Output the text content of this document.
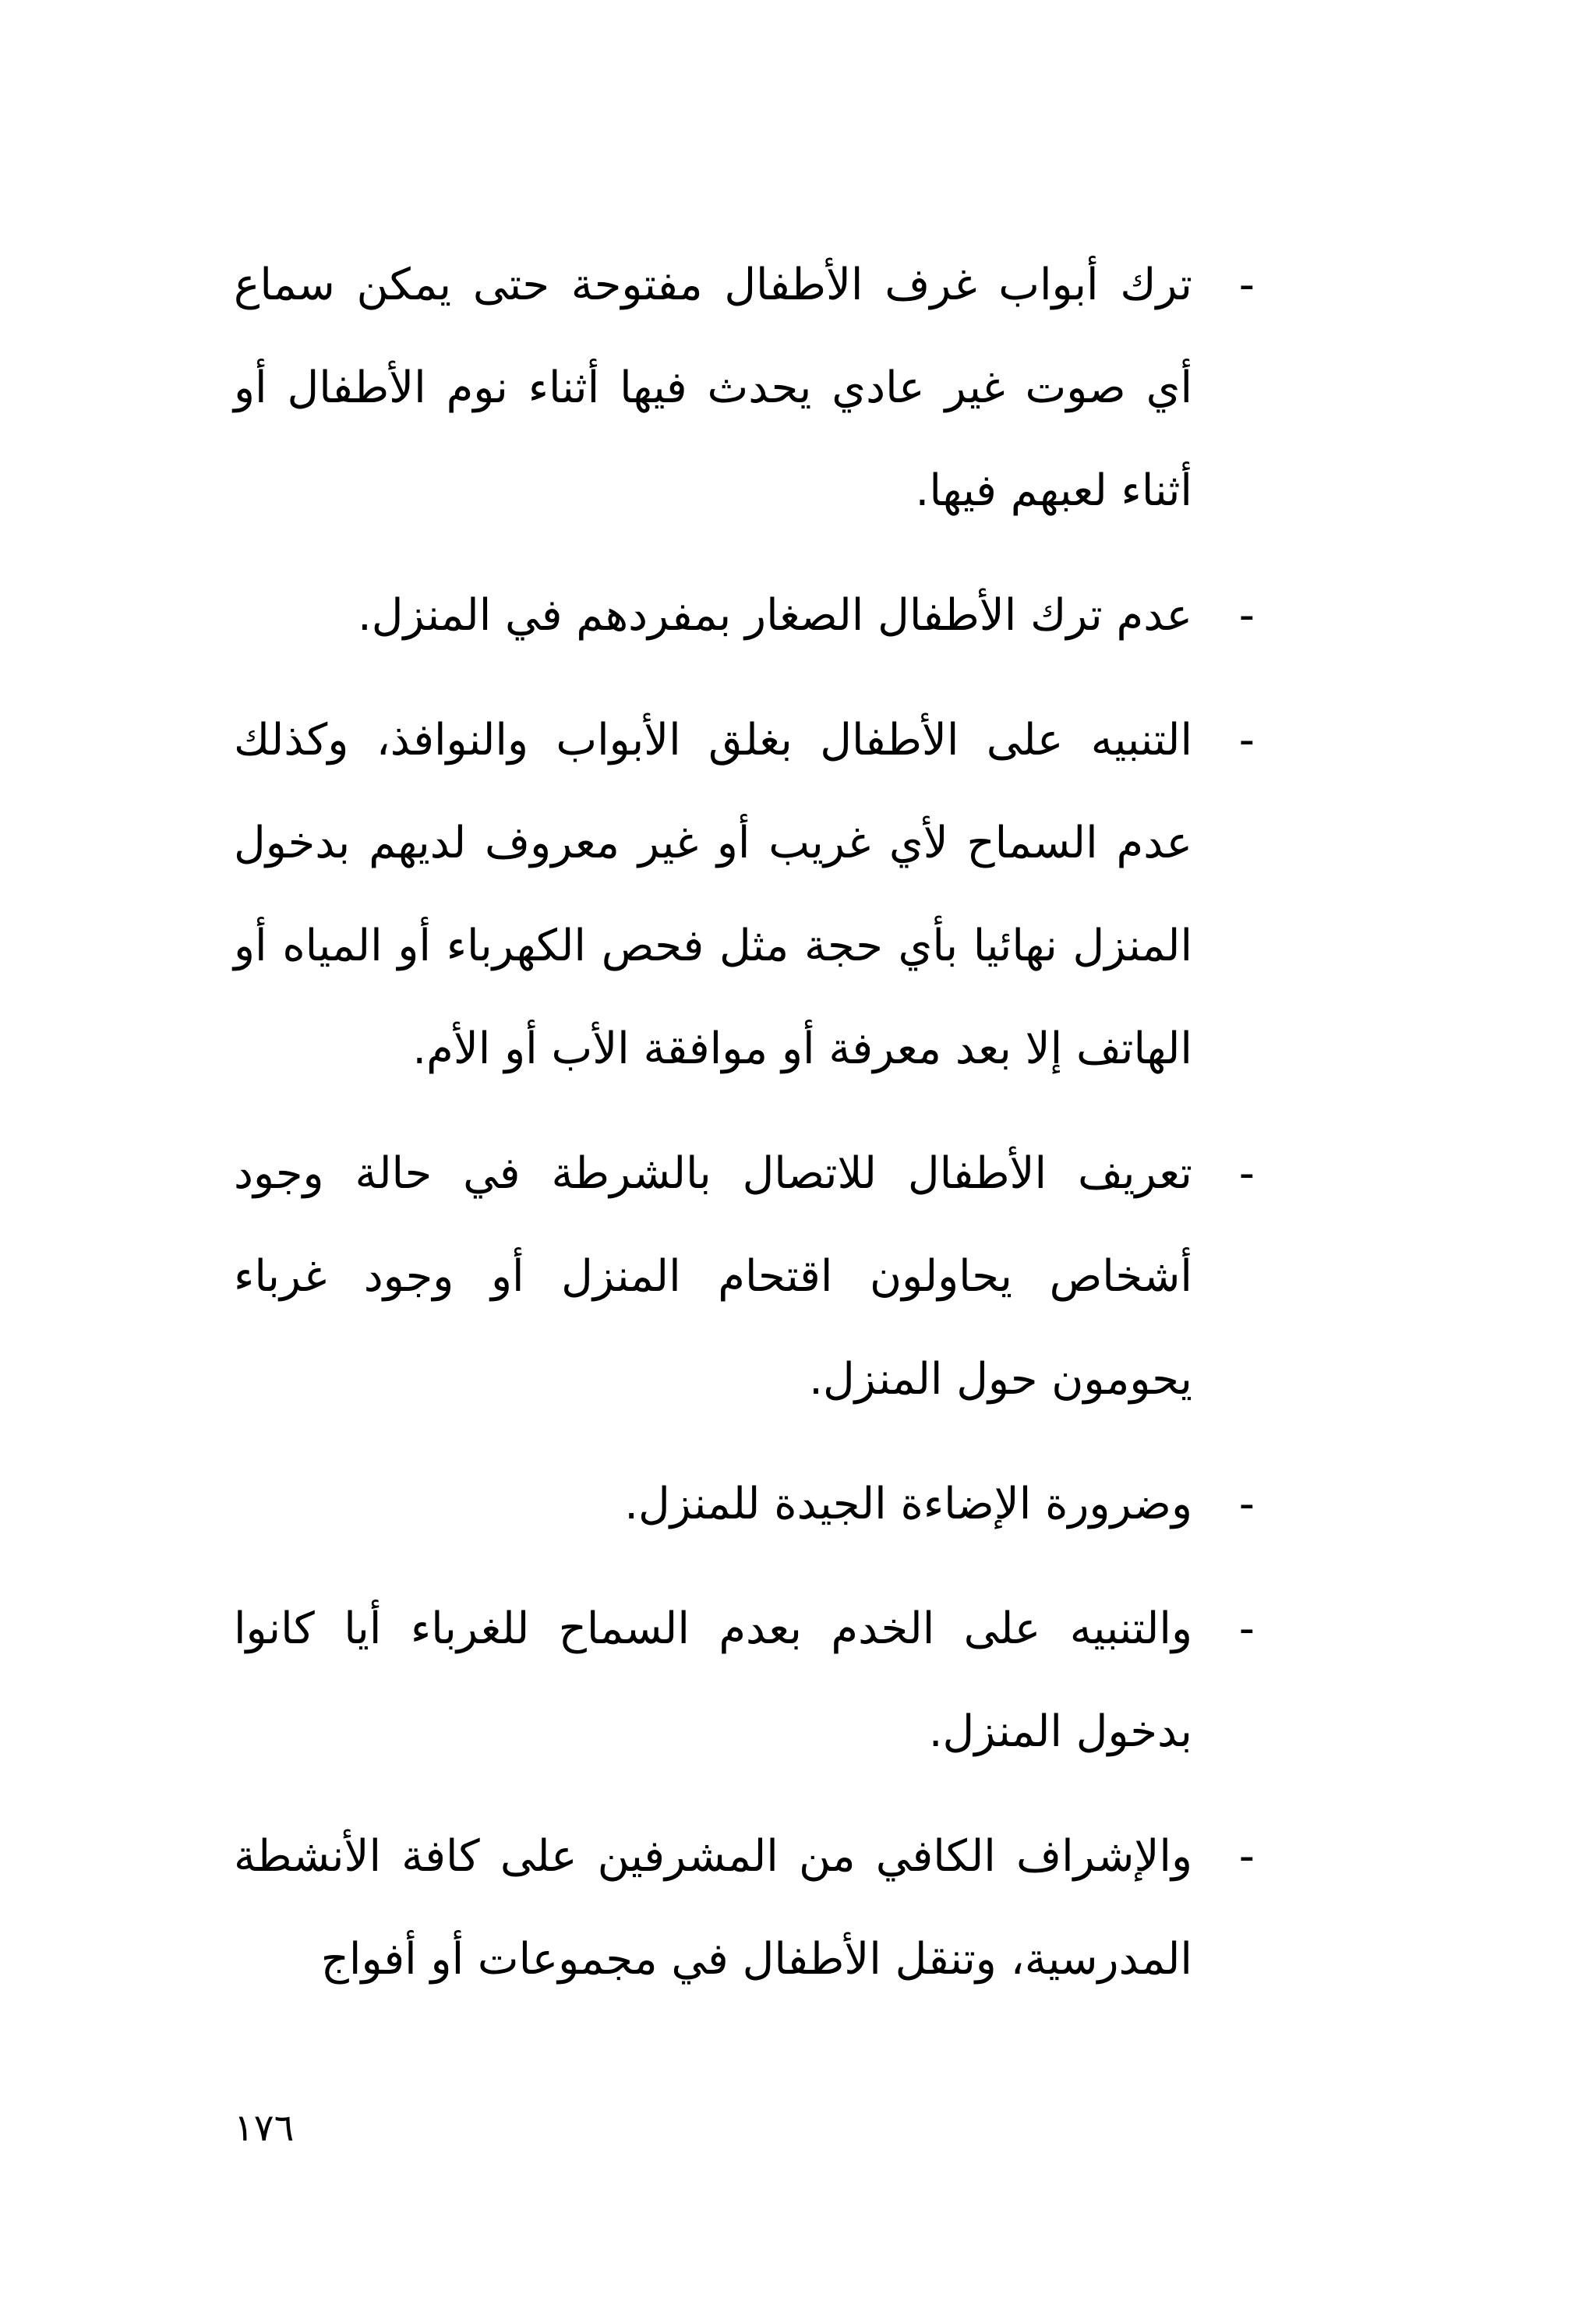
-
ترك أبواب غرف الأطفال مفتوحة حتى يمكن سماع أي صوت غير عادي يحدث فيها أثناء نوم الأطفال أو أثناء لعبهم فيها.
-
عدم ترك الأطفال الصغار بمفردهم في المنزل.
-
التنبيه على الأطفال بغلق الأبواب والنوافذ، وكذلك عدم السماح لأي غريب أو غير معروف لديهم بدخول المنزل نهائيا بأي حجة مثل فحص الكهرباء أو المياه أو الهاتف إلا بعد معرفة أو موافقة الأب أو الأم.
-
تعريف الأطفال للاتصال بالشرطة في حالة وجود أشخاص يحاولون اقتحام المنزل أو وجود غرباء يحومون حول المنزل.
-
وضرورة الإضاءة الجيدة للمنزل.
-
والتنبيه على الخدم بعدم السماح للغرباء أيا كانوا بدخول المنزل.
-
والإشراف الكافي من المشرفين على كافة الأنشطة المدرسية، وتنقل الأطفال في مجموعات أو أفواج
١٧٦
